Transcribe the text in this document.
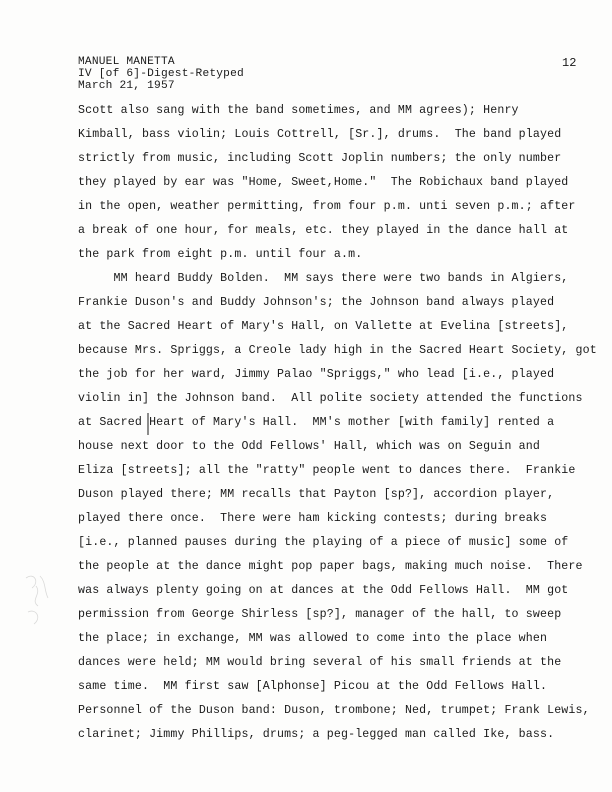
MANUEL MANETTA
IV [of 6]-Digest-Retyped
March 21, 1957
12
Scott also sang with the band sometimes, and MM agrees); Henry
Kimball, bass violin; Louis Cottrell, [Sr.], drums.  The band played
strictly from music, including Scott Joplin numbers; the only number
they played by ear was "Home, Sweet,Home."  The Robichaux band played
in the open, weather permitting, from four p.m. unti seven p.m.; after
a break of one hour, for meals, etc. they played in the dance hall at
the park from eight p.m. until four a.m.
MM heard Buddy Bolden.  MM says there were two bands in Algiers,
Frankie Duson's and Buddy Johnson's; the Johnson band always played
at the Sacred Heart of Mary's Hall, on Vallette at Evelina [streets],
because Mrs. Spriggs, a Creole lady high in the Sacred Heart Society, got
the job for her ward, Jimmy Palao "Spriggs," who lead [i.e., played
violin in] the Johnson band.  All polite society attended the functions
at Sacred Heart of Mary's Hall.  MM's mother [with family] rented a
house next door to the Odd Fellows' Hall, which was on Seguin and
Eliza [streets]; all the "ratty" people went to dances there.  Frankie
Duson played there; MM recalls that Payton [sp?], accordion player,
played there once.  There were ham kicking contests; during breaks
[i.e., planned pauses during the playing of a piece of music] some of
the people at the dance might pop paper bags, making much noise.  There
was always plenty going on at dances at the Odd Fellows Hall.  MM got
permission from George Shirless [sp?], manager of the hall, to sweep
the place; in exchange, MM was allowed to come into the place when
dances were held; MM would bring several of his small friends at the
same time.  MM first saw [Alphonse] Picou at the Odd Fellows Hall.
Personnel of the Duson band: Duson, trombone; Ned, trumpet; Frank Lewis,
clarinet; Jimmy Phillips, drums; a peg-legged man called Ike, bass.
